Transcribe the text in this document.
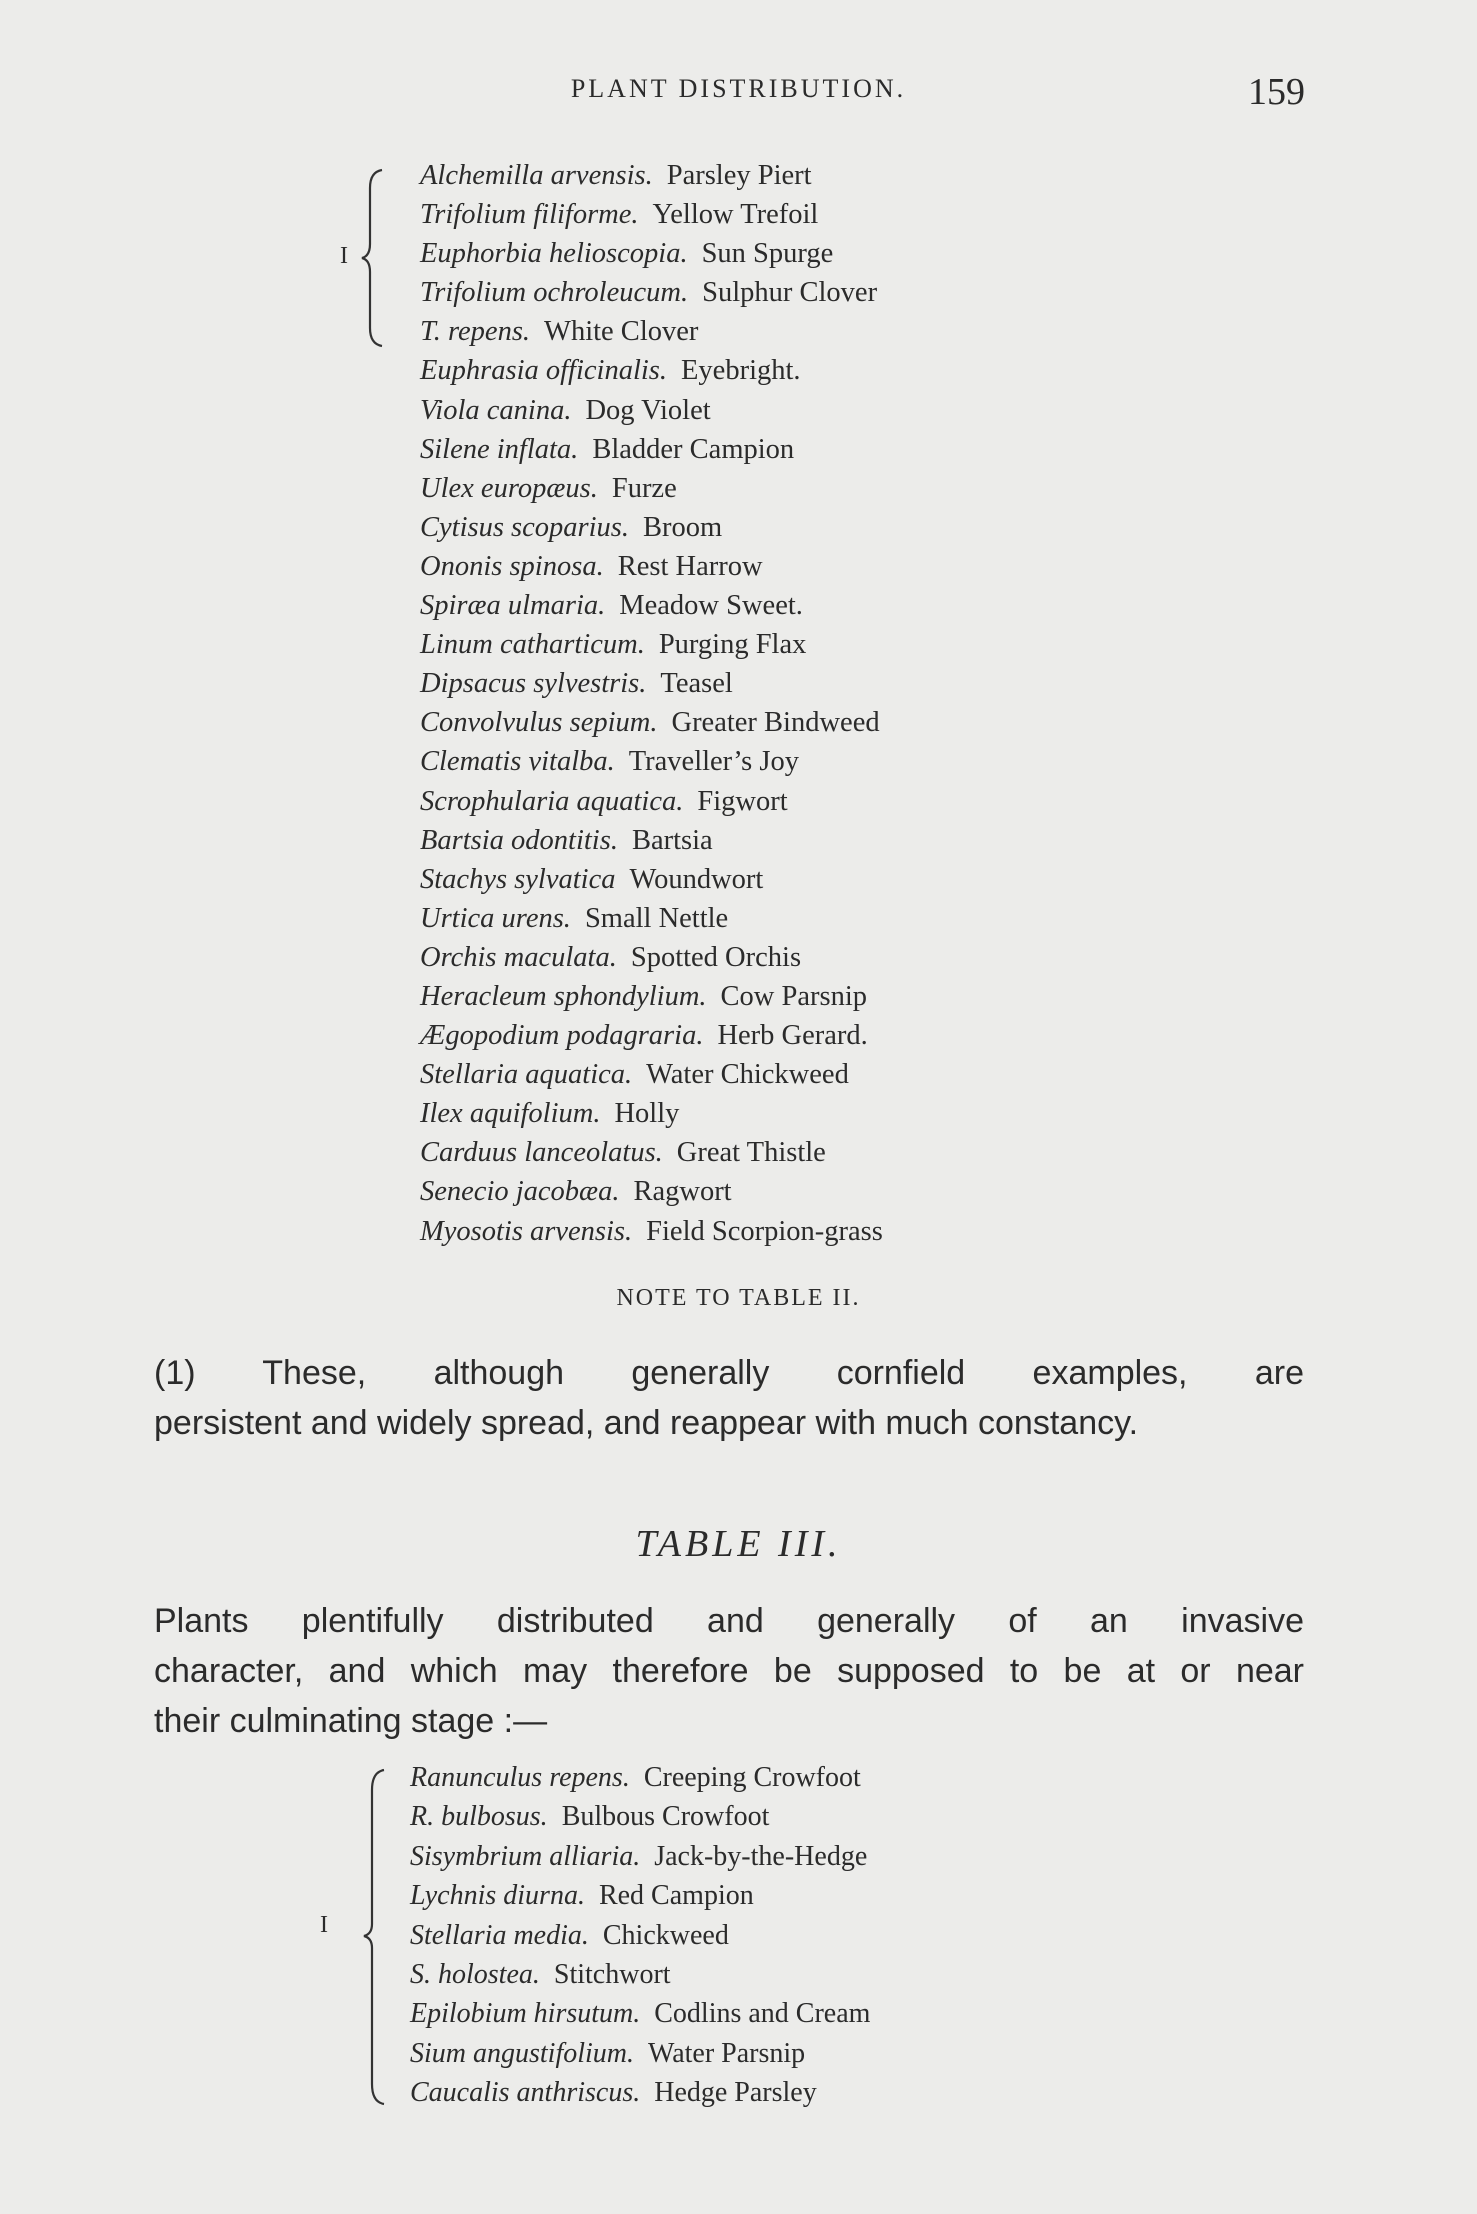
PLANT DISTRIBUTION.	159
I
Alchemilla arvensis. Parsley Piert
Trifolium filiforme. Yellow Trefoil
Euphorbia helioscopia. Sun Spurge
Trifolium ochroleucum. Sulphur Clover
T. repens. White Clover
Euphrasia officinalis. Eyebright.
Viola canina. Dog Violet
Silene inflata. Bladder Campion
Ulex europæus. Furze
Cytisus scoparius. Broom
Ononis spinosa. Rest Harrow
Spiræa ulmaria. Meadow Sweet.
Linum catharticum. Purging Flax
Dipsacus sylvestris. Teasel
Convolvulus sepium. Greater Bindweed
Clematis vitalba. Traveller’s Joy
Scrophularia aquatica. Figwort
Bartsia odontitis. Bartsia
Stachys sylvatica Woundwort
Urtica urens. Small Nettle
Orchis maculata. Spotted Orchis
Heracleum sphondylium. Cow Parsnip
Ægopodium podagraria. Herb Gerard.
Stellaria aquatica. Water Chickweed
Ilex aquifolium. Holly
Carduus lanceolatus. Great Thistle
Senecio jacobæa. Ragwort
Myosotis arvensis. Field Scorpion-grass
NOTE TO TABLE II.

(1) These, although generally cornfield examples, are
persistent and widely spread, and reappear with much constancy.

TABLE III.

Plants plentifully distributed and generally of an invasive
character, and which may therefore be supposed to be at or near
their culminating stage :—

I
Ranunculus repens. Creeping Crowfoot
R. bulbosus. Bulbous Crowfoot
Sisymbrium alliaria. Jack-by-the-Hedge
Lychnis diurna. Red Campion
Stellaria media. Chickweed
S. holostea. Stitchwort
Epilobium hirsutum. Codlins and Cream
Sium angustifolium. Water Parsnip
Caucalis anthriscus. Hedge Parsley
